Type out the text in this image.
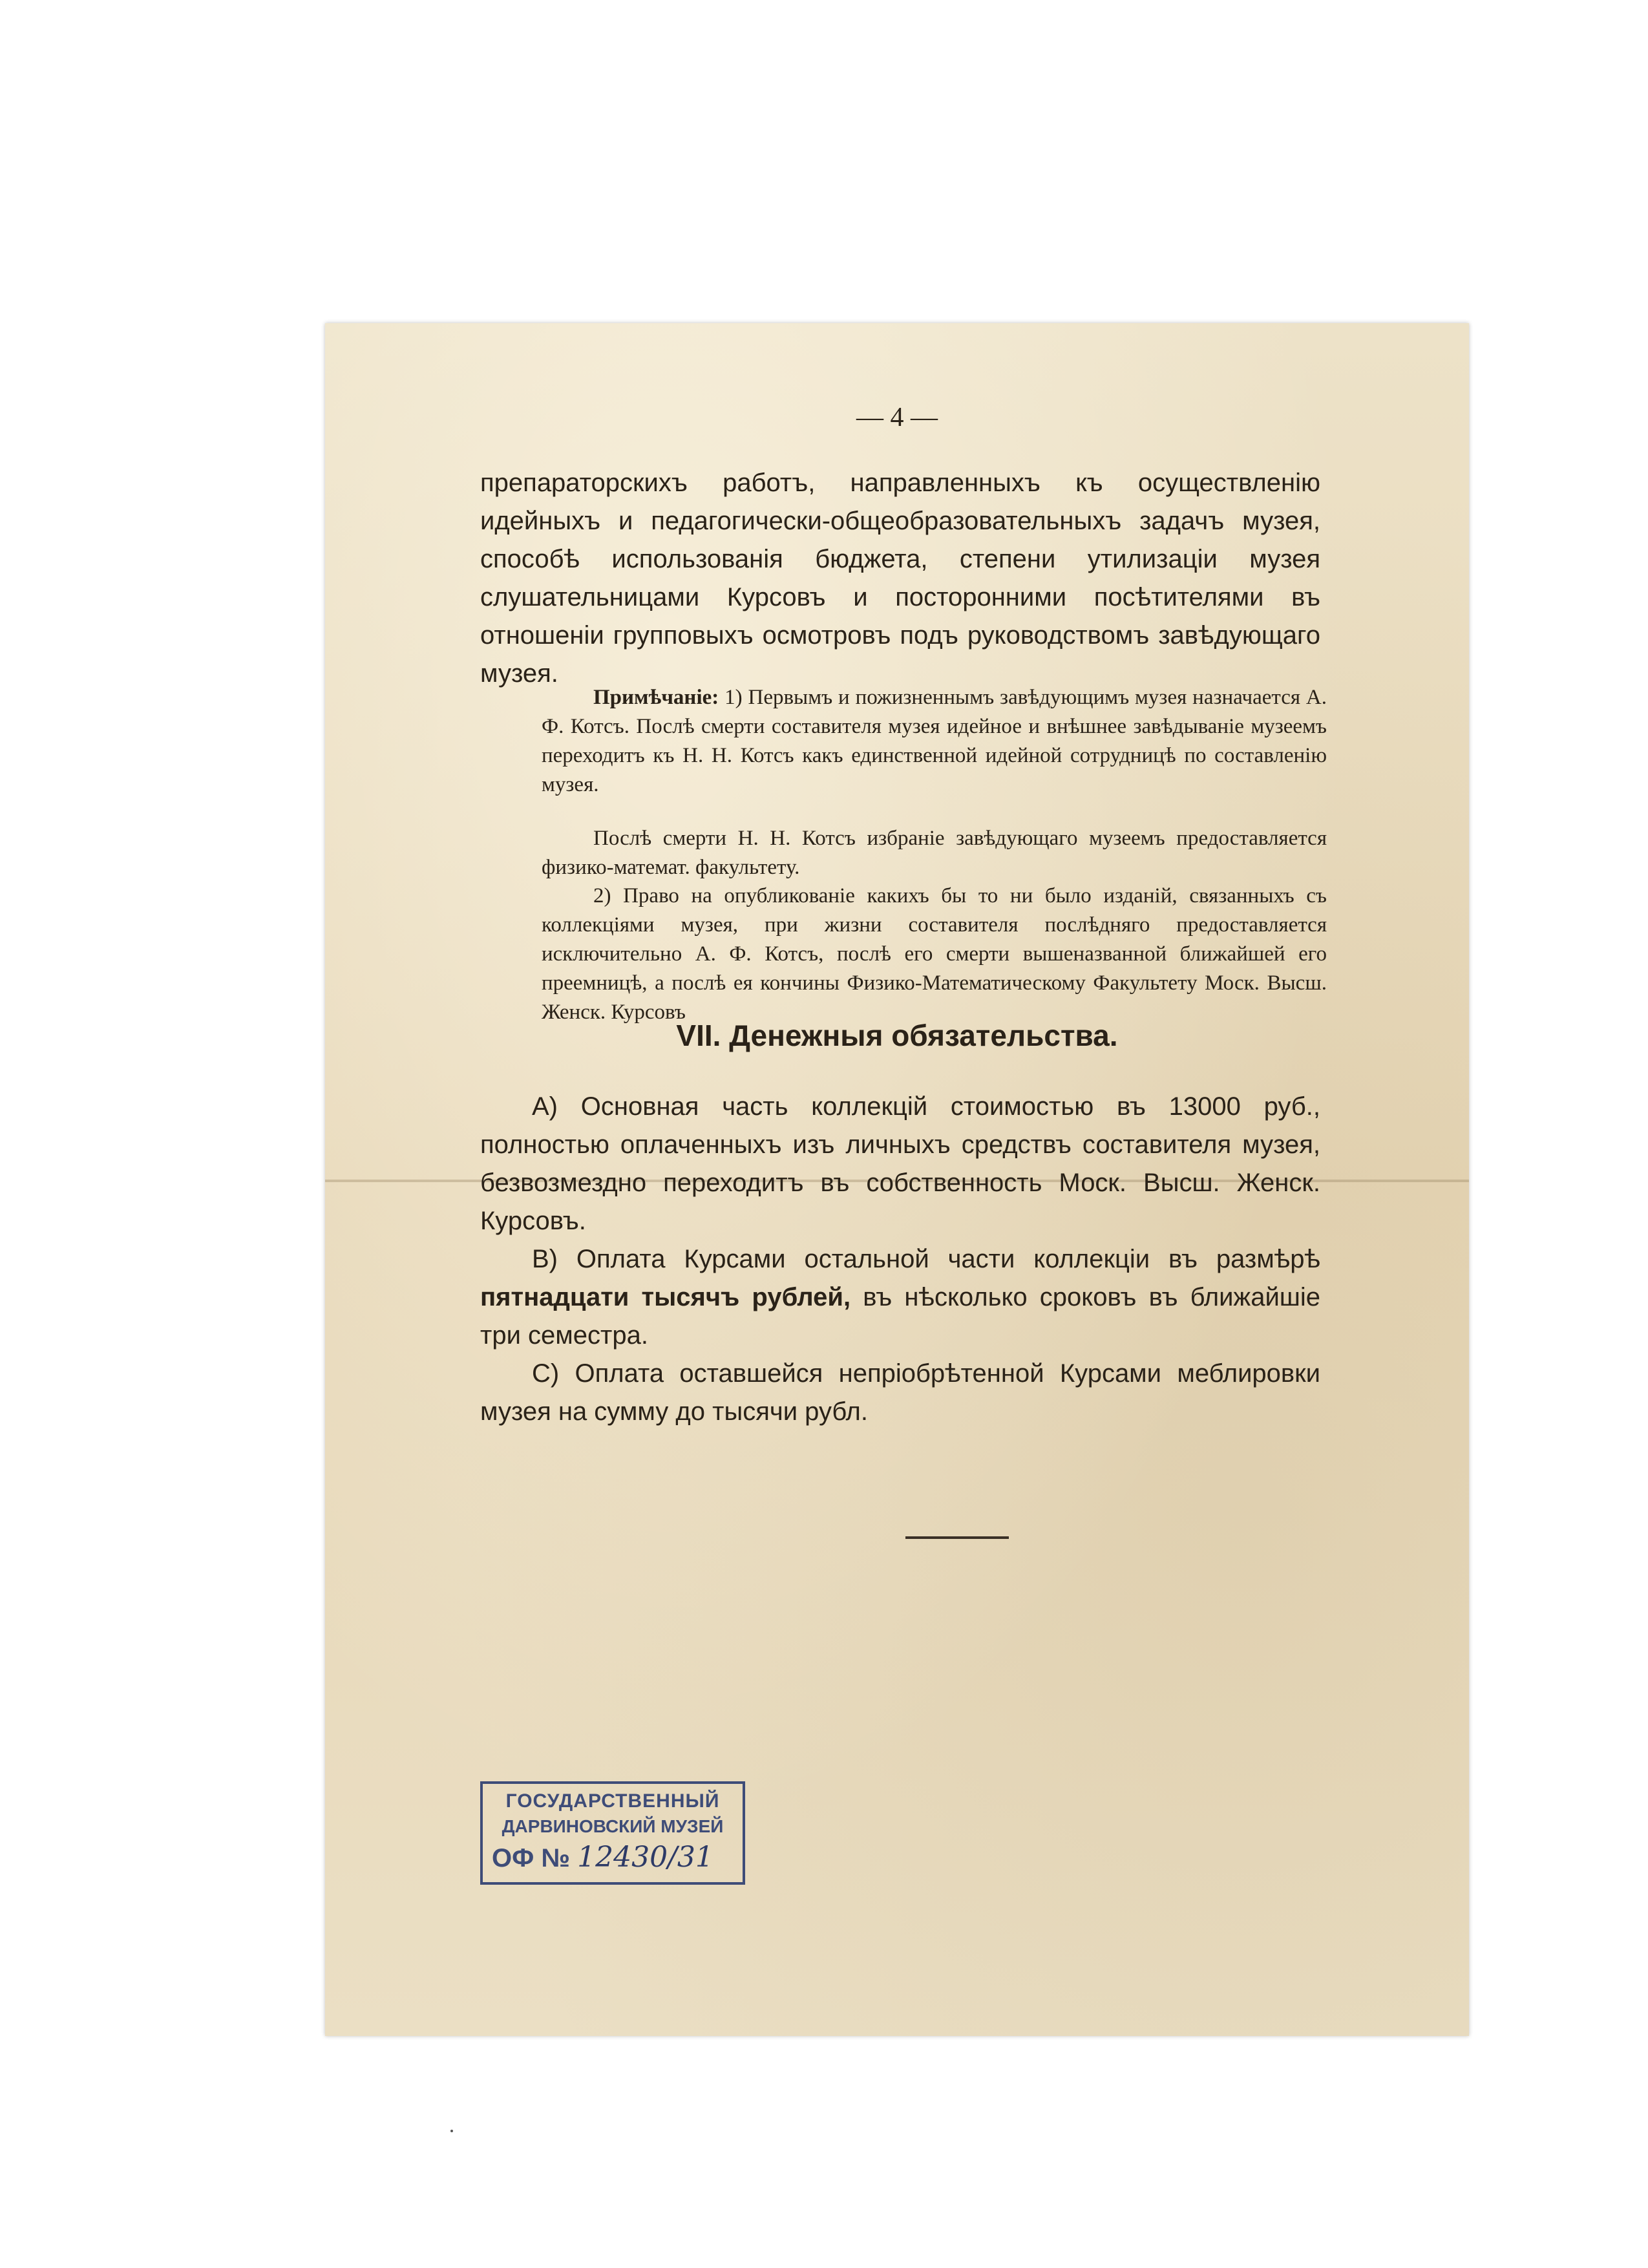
— 4 —

препараторскихъ работъ, направленныхъ къ осуществленію идейныхъ и педагогически-общеобразовательныхъ задачъ музея, способѣ использованія бюджета, степени утилизаціи музея слушательницами Курсовъ и посторонними посѣтителями въ отношеніи групповыхъ осмотровъ подъ руководствомъ завѣдующаго музея.

Примѣчаніе: 1) Первымъ и пожизненнымъ завѣдующимъ музея назначается А. Ф. Котсъ. Послѣ смерти составителя музея идейное и внѣшнее завѣдываніе музеемъ переходитъ къ Н. Н. Котсъ какъ единственной идейной сотрудницѣ по составленію музея.

Послѣ смерти Н. Н. Котсъ избраніе завѣдующаго музеемъ предоставляется физико-математ. факультету.

2) Право на опубликованіе какихъ бы то ни было изданій, связанныхъ съ коллекціями музея, при жизни составителя послѣдняго предоставляется исключительно А. Ф. Котсъ, послѣ его смерти вышеназванной ближайшей его преемницѣ, а послѣ ея кончины Физико-Математическому Факультету Моск. Высш. Женск. Курсовъ

VII. Денежныя обязательства.

А) Основная часть коллекцій стоимостью въ 13000 руб., полностью оплаченныхъ изъ личныхъ средствъ составителя музея, безвозмездно переходитъ въ собственность Моск. Высш. Женск. Курсовъ.

В) Оплата Курсами остальной части коллекціи въ размѣрѣ пятнадцати тысячъ рублей, въ нѣсколько сроковъ въ ближайшіе три семестра.

С) Оплата оставшейся непріобрѣтенной Курсами меблировки музея на сумму до тысячи рубл.

ГОСУДАРСТВЕННЫЙ
ДАРВИНОВСКИЙ МУЗЕЙ
ОФ № 12430/31
